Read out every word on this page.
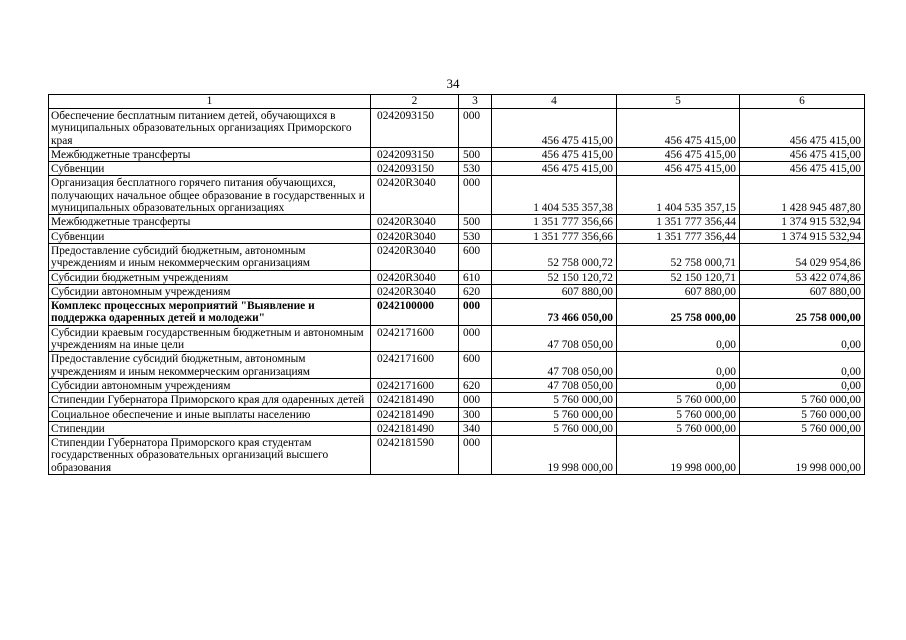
34
1	2	3	4	5	6
Обеспечение бесплатным питанием детей, обучающихся в муниципальных образовательных организациях Приморского края	0242093150	000	456 475 415,00	456 475 415,00	456 475 415,00
Межбюджетные трансферты	0242093150	500	456 475 415,00	456 475 415,00	456 475 415,00
Субвенции	0242093150	530	456 475 415,00	456 475 415,00	456 475 415,00
Организация бесплатного горячего питания обучающихся, получающих начальное общее образование в государственных и муниципальных образовательных организациях	02420R3040	000	1 404 535 357,38	1 404 535 357,15	1 428 945 487,80
Межбюджетные трансферты	02420R3040	500	1 351 777 356,66	1 351 777 356,44	1 374 915 532,94
Субвенции	02420R3040	530	1 351 777 356,66	1 351 777 356,44	1 374 915 532,94
Предоставление субсидий бюджетным, автономным учреждениям и иным некоммерческим организациям	02420R3040	600	52 758 000,72	52 758 000,71	54 029 954,86
Субсидии бюджетным учреждениям	02420R3040	610	52 150 120,72	52 150 120,71	53 422 074,86
Субсидии автономным учреждениям	02420R3040	620	607 880,00	607 880,00	607 880,00
Комплекс процессных мероприятий "Выявление и поддержка одаренных детей и молодежи"	0242100000	000	73 466 050,00	25 758 000,00	25 758 000,00
Субсидии краевым государственным бюджетным и автономным учреждениям на иные цели	0242171600	000	47 708 050,00	0,00	0,00
Предоставление субсидий бюджетным, автономным учреждениям и иным некоммерческим организациям	0242171600	600	47 708 050,00	0,00	0,00
Субсидии автономным учреждениям	0242171600	620	47 708 050,00	0,00	0,00
Стипендии Губернатора Приморского края для одаренных детей	0242181490	000	5 760 000,00	5 760 000,00	5 760 000,00
Социальное обеспечение и иные выплаты населению	0242181490	300	5 760 000,00	5 760 000,00	5 760 000,00
Стипендии	0242181490	340	5 760 000,00	5 760 000,00	5 760 000,00
Стипендии Губернатора Приморского края студентам государственных образовательных организаций высшего образования	0242181590	000	19 998 000,00	19 998 000,00	19 998 000,00
